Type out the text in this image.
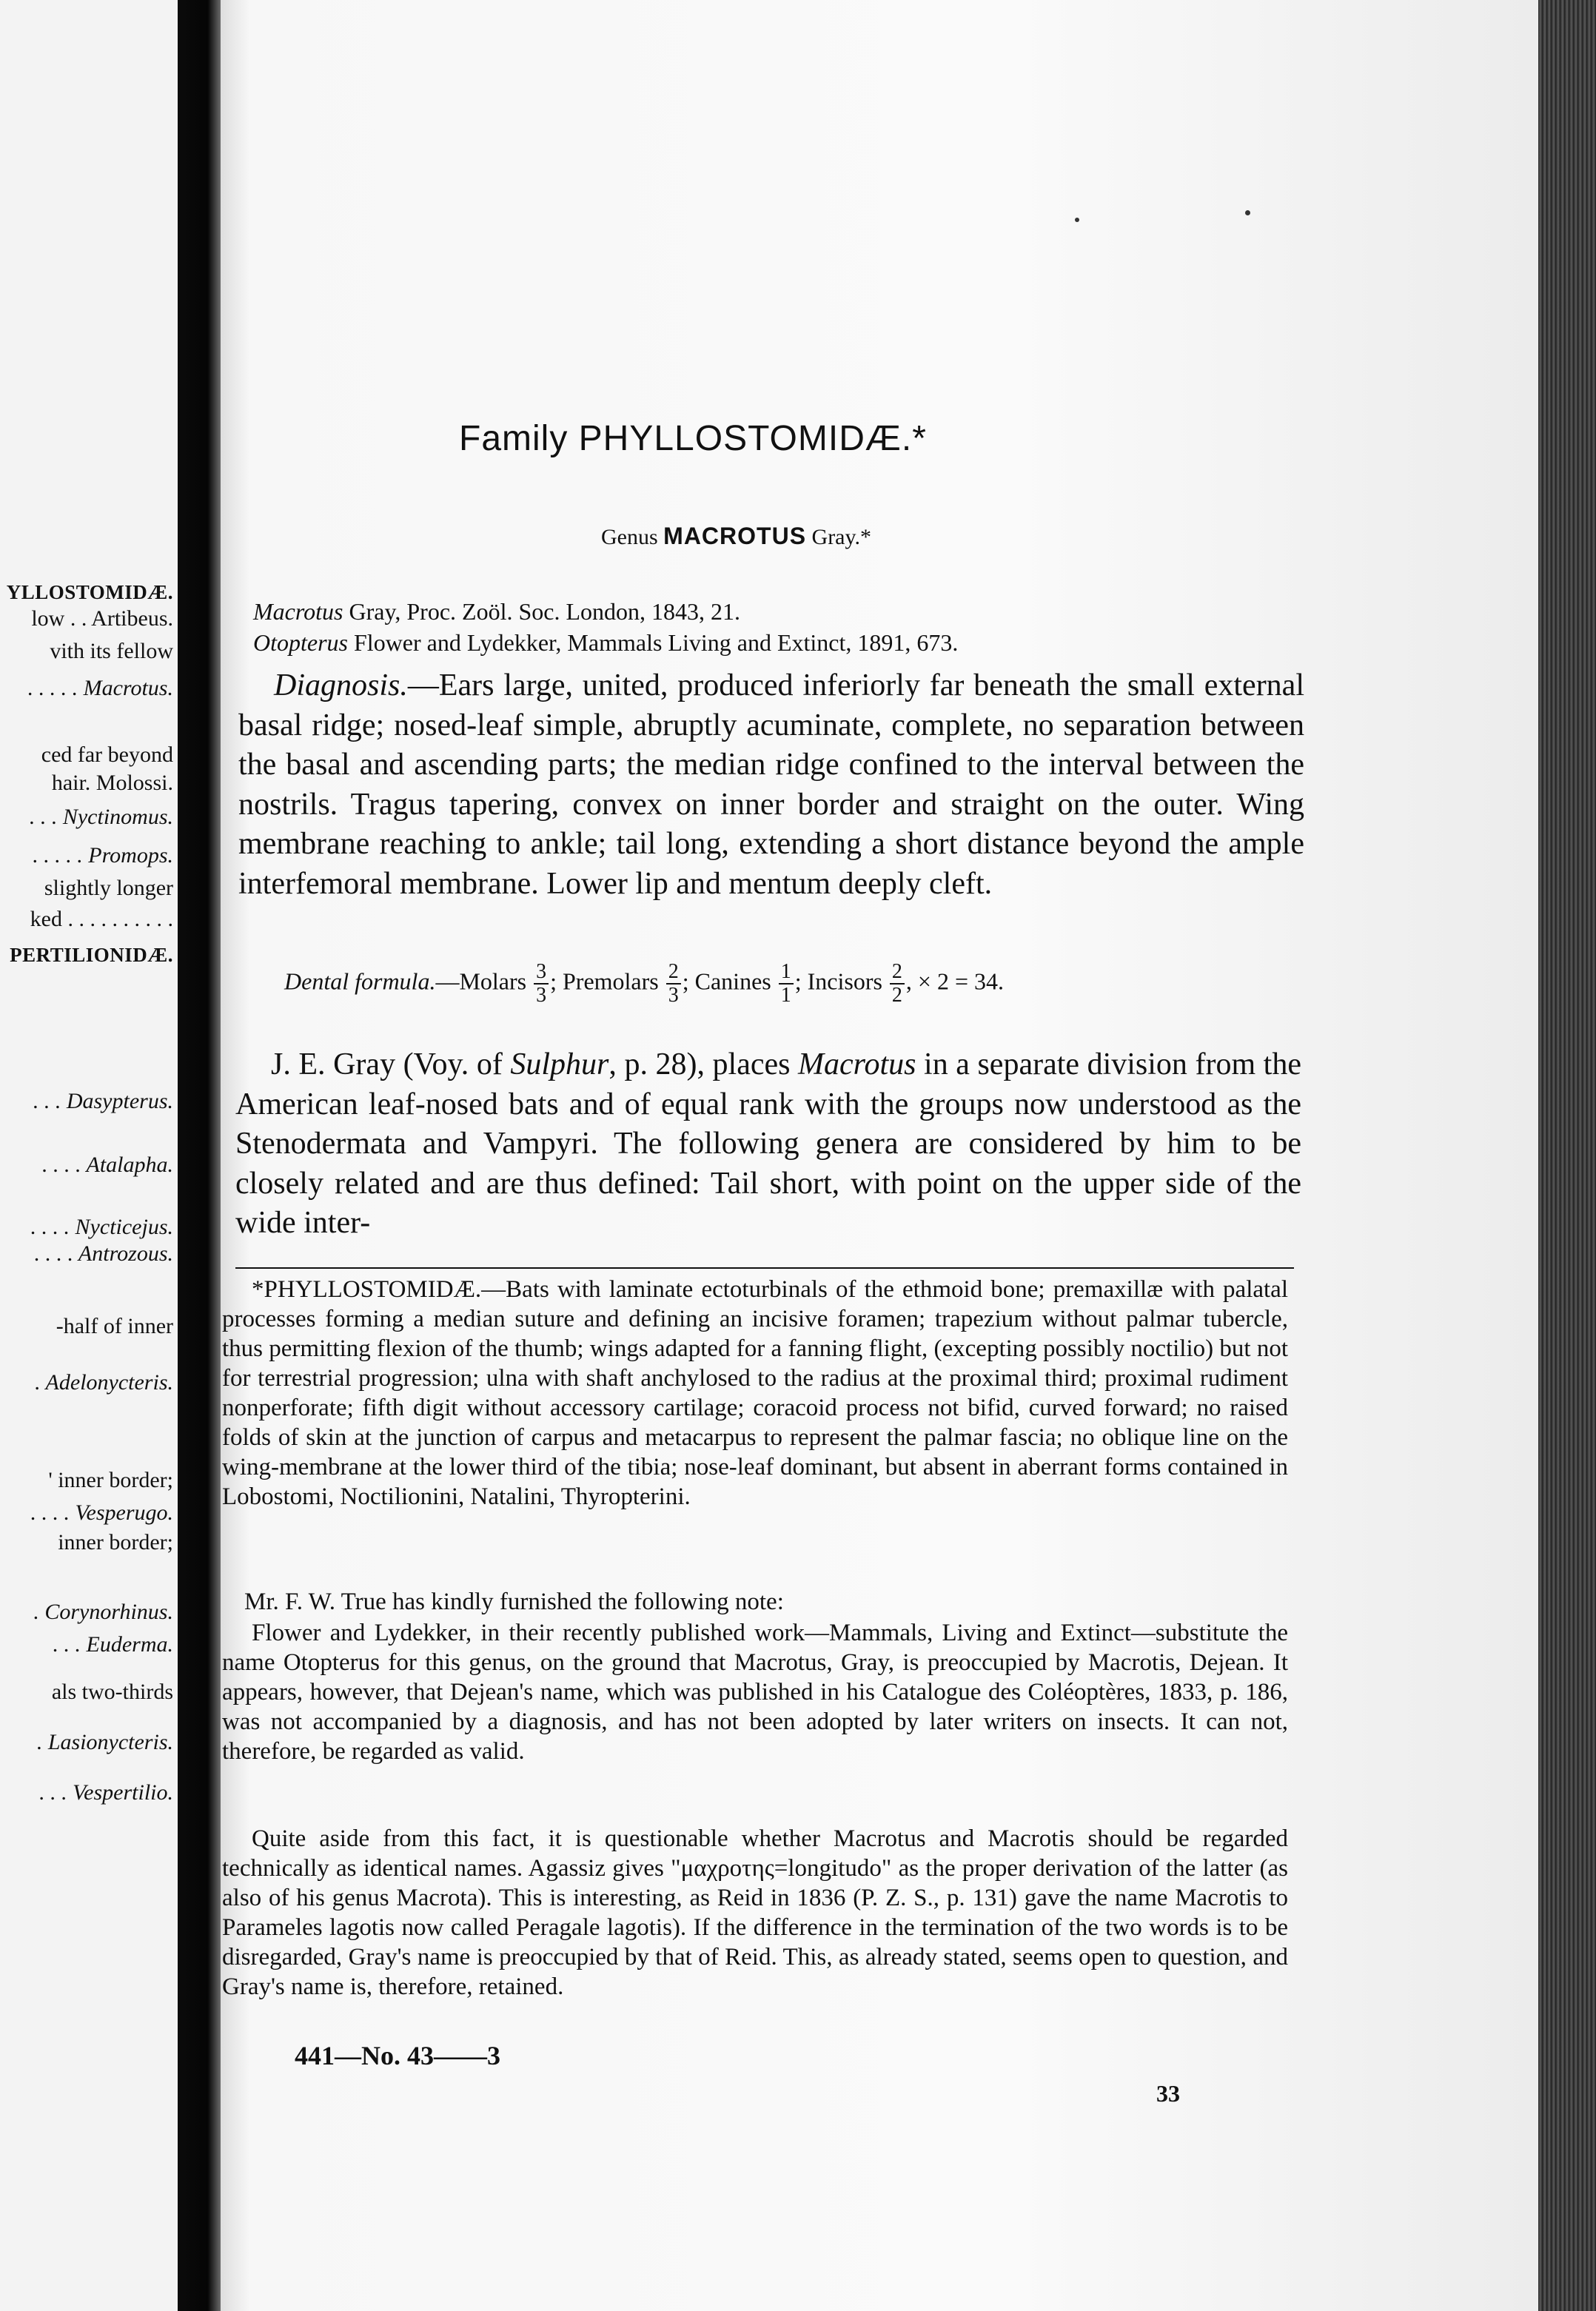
YLLOSTOMIDÆ.
low . . Artibeus.
vith its fellow
. . . . . Macrotus.
ced far beyond
hair. Molossi.
. . . Nyctinomus.
. . . . . Promops.
slightly longer
ked . . . . . . . . . .
PERTILIONIDÆ.
. . . Dasypterus.
. . . . Atalapha.
. . . . Nycticejus.
. . . . Antrozous.
-half of inner
. Adelonycteris.
' inner border;
. . . . Vesperugo.
inner border;
. Corynorhinus.
. . . Euderma.
als two-thirds
. Lasionycteris.
. . . Vespertilio.
Family PHYLLOSTOMIDÆ.*
Genus MACROTUS Gray.*
Macrotus Gray, Proc. Zoöl. Soc. London, 1843, 21.
Otopterus Flower and Lydekker, Mammals Living and Extinct, 1891, 673.
Diagnosis.—Ears large, united, produced inferiorly far beneath the small external basal ridge; nosed-leaf simple, abruptly acuminate, complete, no separation between the basal and ascending parts; the median ridge confined to the interval between the nostrils. Tragus tapering, convex on inner border and straight on the outer. Wing membrane reaching to ankle; tail long, extending a short distance beyond the ample interfemoral membrane. Lower lip and mentum deeply cleft.
Dental formula.—Molars $\frac{3}{3}$ ; Premolars $\frac{2}{3}$ ; Canines $\frac{1}{1}$ ; Incisors $\frac{2}{2}$ , × 2 = 34.
J. E. Gray (Voy. of Sulphur, p. 28), places Macrotus in a separate division from the American leaf-nosed bats and of equal rank with the groups now understood as the Stenodermata and Vampyri. The following genera are considered by him to be closely related and are thus defined: Tail short, with point on the upper side of the wide inter-
*PHYLLOSTOMIDÆ.—Bats with laminate ectoturbinals of the ethmoid bone; premaxillæ with palatal processes forming a median suture and defining an incisive foramen; trapezium without palmar tubercle, thus permitting flexion of the thumb; wings adapted for a fanning flight, (excepting possibly noctilio) but not for terrestrial progression; ulna with shaft anchylosed to the radius at the proximal third; proximal rudiment nonperforate; fifth digit without accessory cartilage; coracoid process not bifid, curved forward; no raised folds of skin at the junction of carpus and metacarpus to represent the palmar fascia; no oblique line on the wing-membrane at the lower third of the tibia; nose-leaf dominant, but absent in aberrant forms contained in Lobostomi, Noctilionini, Natalini, Thyropterini.
Mr. F. W. True has kindly furnished the following note:
Flower and Lydekker, in their recently published work—Mammals, Living and Extinct—substitute the name Otopterus for this genus, on the ground that Macrotus, Gray, is preoccupied by Macrotis, Dejean. It appears, however, that Dejean's name, which was published in his Catalogue des Coléoptères, 1833, p. 186, was not accompanied by a diagnosis, and has not been adopted by later writers on insects. It can not, therefore, be regarded as valid.
Quite aside from this fact, it is questionable whether Macrotus and Macrotis should be regarded technically as identical names. Agassiz gives "μαχροτης=longitudo" as the proper derivation of the latter (as also of his genus Macrota). This is interesting, as Reid in 1836 (P. Z. S., p. 131) gave the name Macrotis to Parameles lagotis now called Peragale lagotis). If the difference in the termination of the two words is to be disregarded, Gray's name is preoccupied by that of Reid. This, as already stated, seems open to question, and Gray's name is, therefore, retained.
441—No. 43——3
33
